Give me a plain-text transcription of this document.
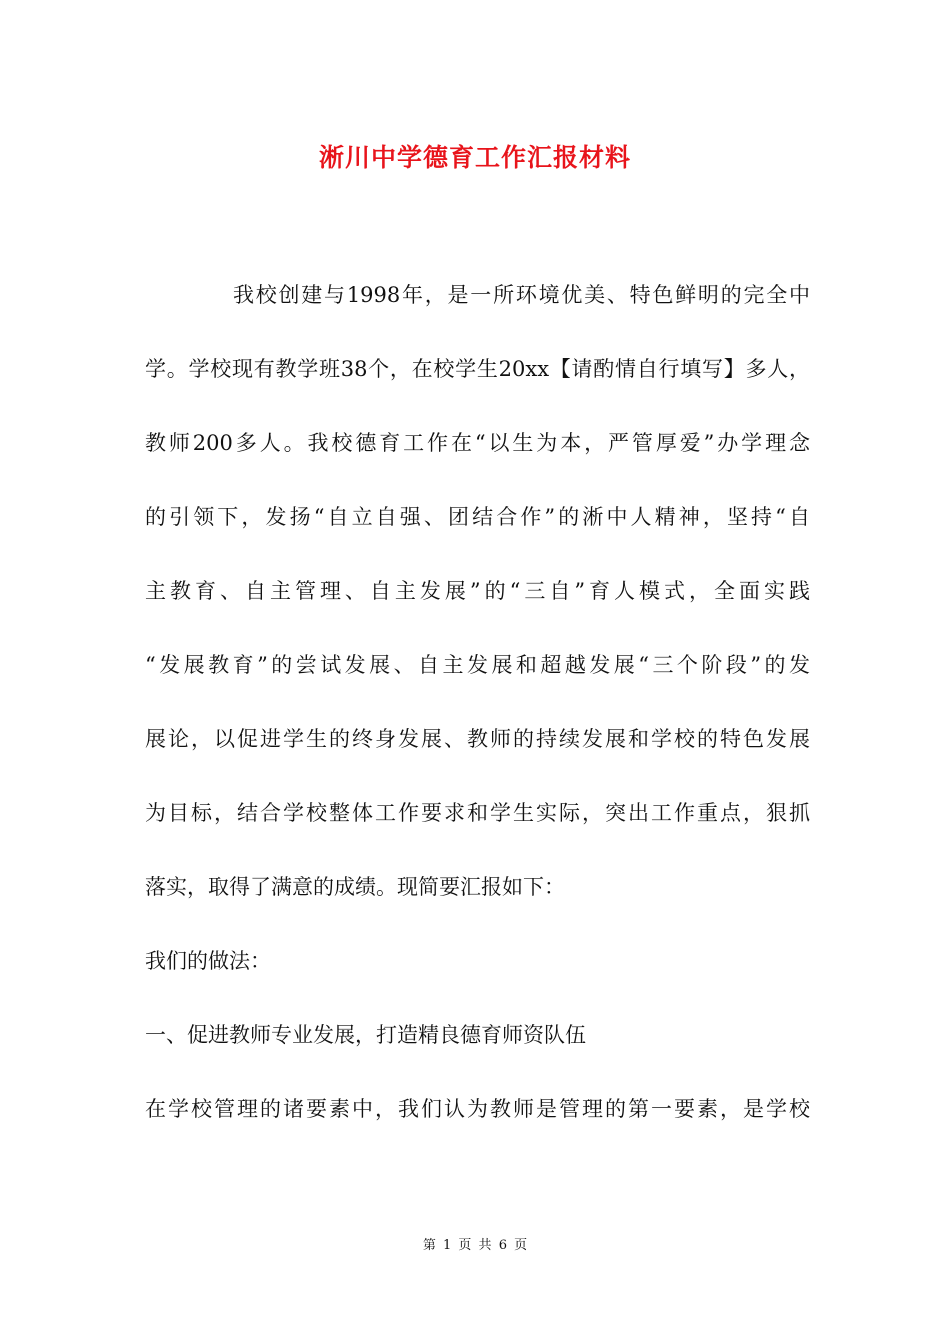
淅川中学德育工作汇报材料
我校创建与1998年，是一所环境优美、特色鲜明的完全中
学。学校现有教学班38个，在校学生20xx【请酌情自行填写】多人，
教师200多人。我校德育工作在“以生为本，严管厚爱”办学理念
的引领下，发扬“自立自强、团结合作”的淅中人精神，坚持“自
主教育、自主管理、自主发展”的“三自”育人模式，全面实践
“发展教育”的尝试发展、自主发展和超越发展“三个阶段”的发
展论，以促进学生的终身发展、教师的持续发展和学校的特色发展
为目标，结合学校整体工作要求和学生实际，突出工作重点，狠抓
落实，取得了满意的成绩。现简要汇报如下：
我们的做法：
一、促进教师专业发展，打造精良德育师资队伍
在学校管理的诸要素中，我们认为教师是管理的第一要素，是学校
第 1 页 共 6 页
